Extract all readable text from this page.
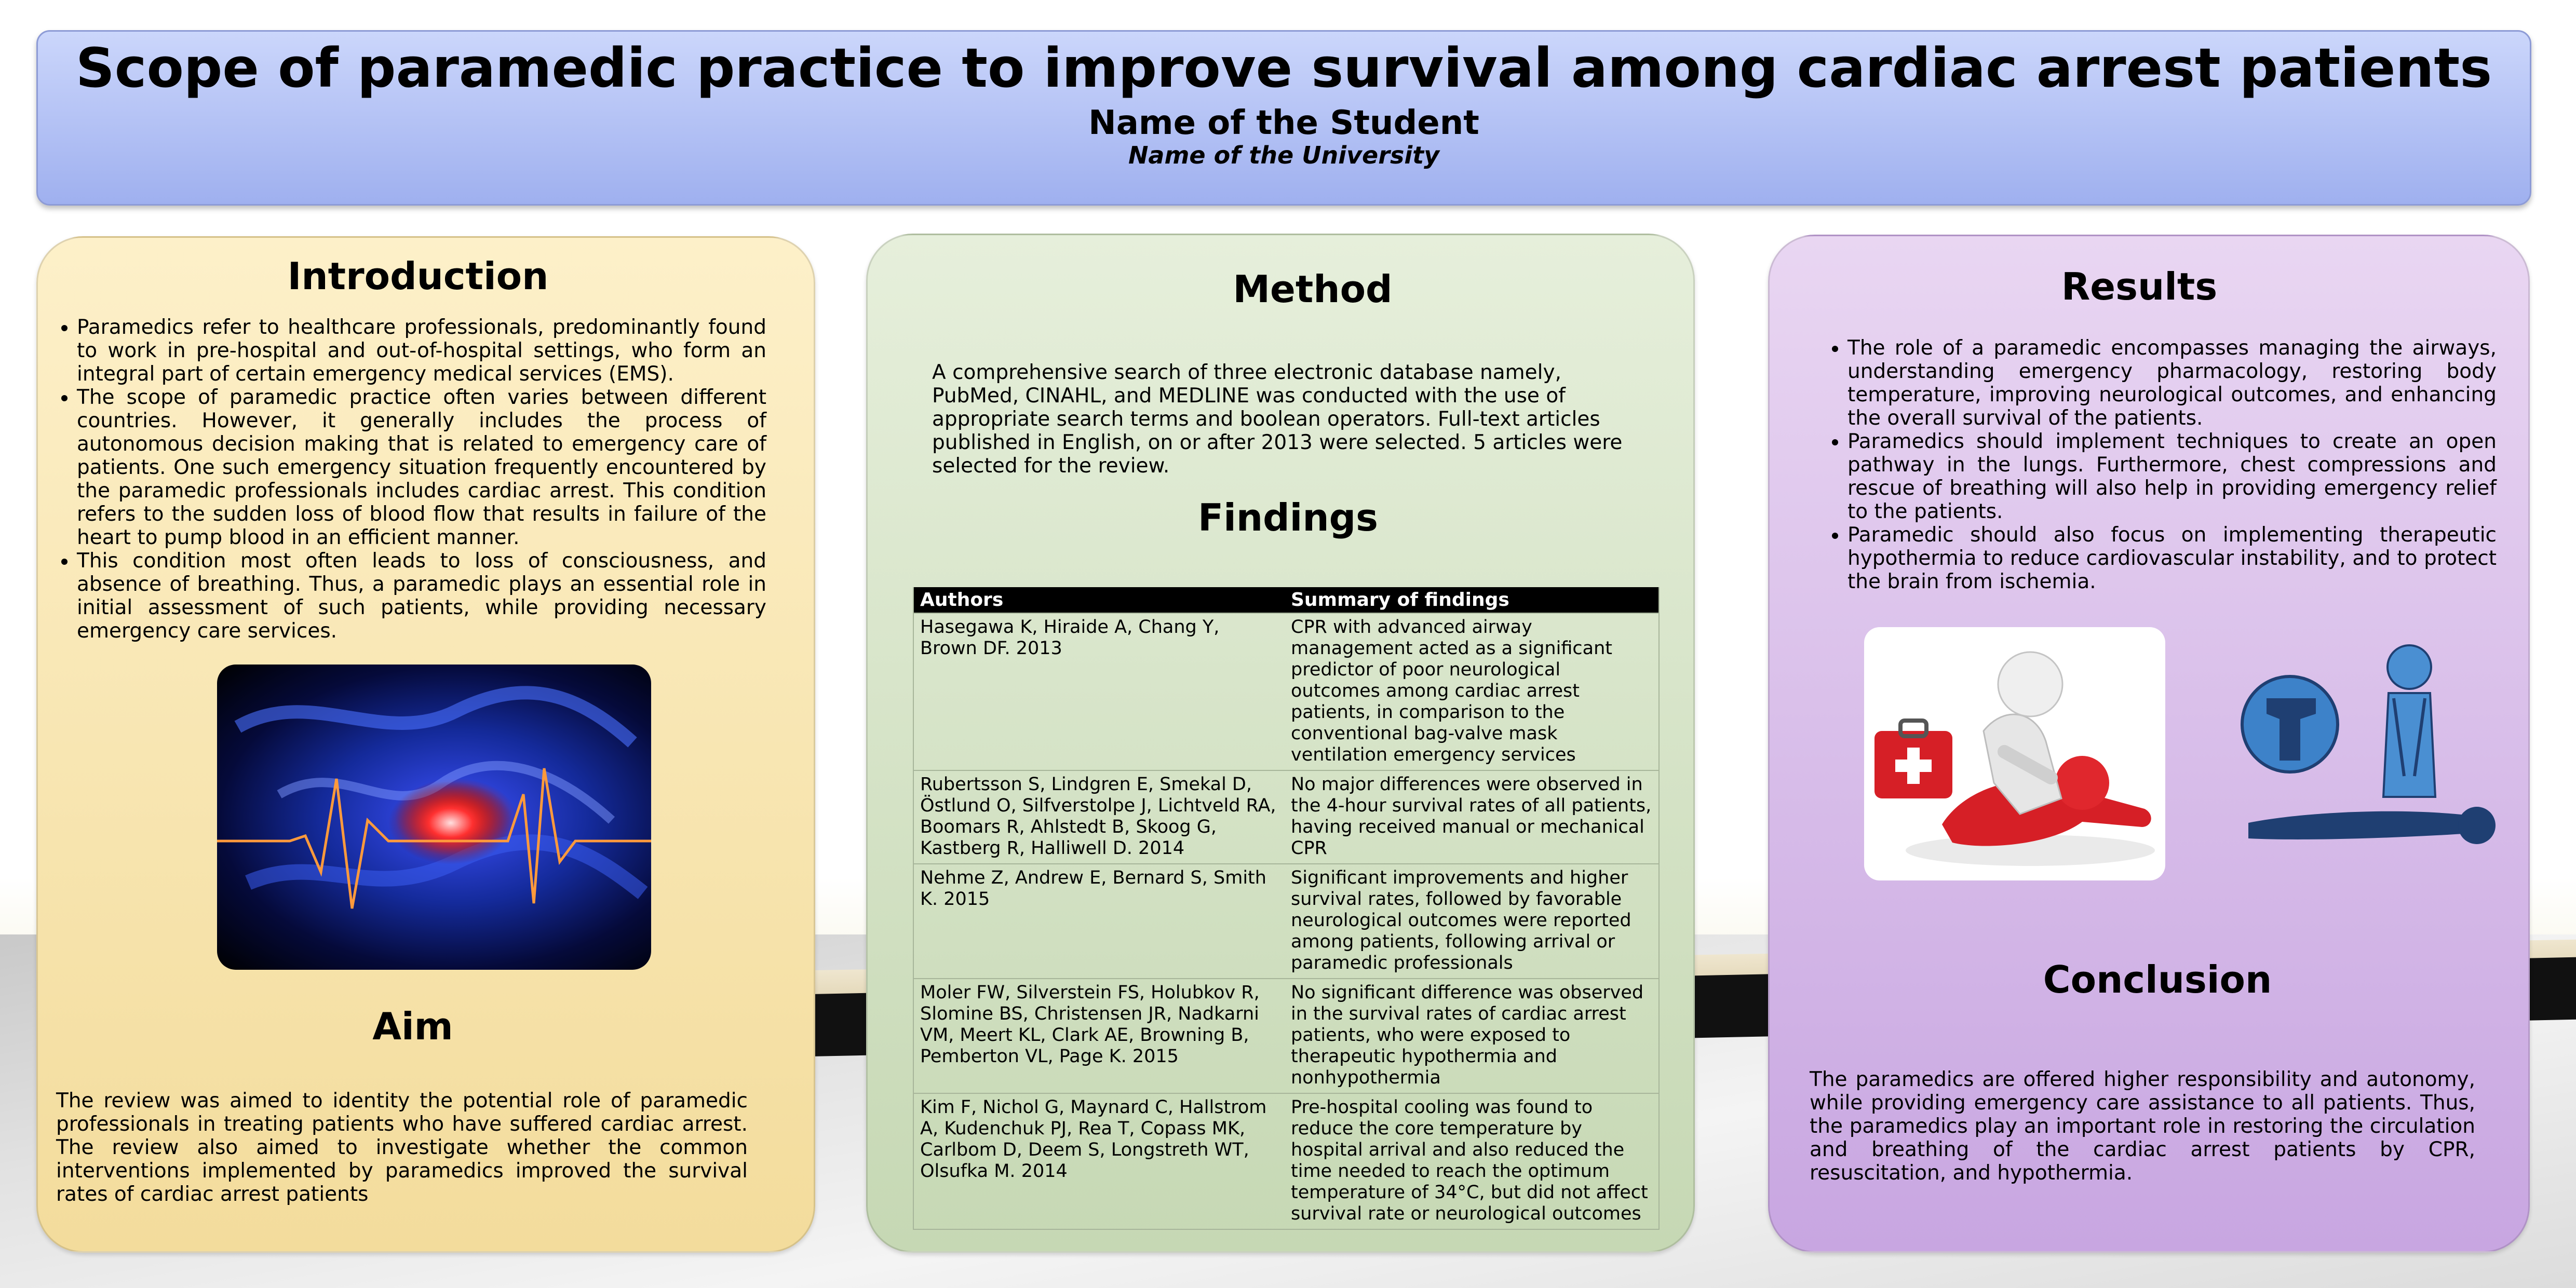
Scope of paramedic practice to improve survival among cardiac arrest patients
Name of the Student
Name of the University
Introduction
• Paramedics refer to healthcare professionals, predominantly found to work in pre-hospital and out-of-hospital settings, who form an integral part of certain emergency medical services (EMS).
• The scope of paramedic practice often varies between different countries. However, it generally includes the process of autonomous decision making that is related to emergency care of patients. One such emergency situation frequently encountered by the paramedic professionals includes cardiac arrest. This condition refers to the sudden loss of blood flow that results in failure of the heart to pump blood in an efficient manner.
• This condition most often leads to loss of consciousness, and absence of breathing. Thus, a paramedic plays an essential role in initial assessment of such patients, while providing necessary emergency care services.
Aim
The review was aimed to identity the potential role of paramedic professionals in treating patients who have suffered cardiac arrest. The review also aimed to investigate whether the common interventions implemented by paramedics improved the survival rates of cardiac arrest patients
Method
A comprehensive search of three electronic database namely, PubMed, CINAHL, and MEDLINE was conducted with the use of appropriate search terms and boolean operators. Full-text articles published in English, on or after 2013 were selected. 5 articles were selected for the review.
Findings
Authors	Summary of findings
Hasegawa K, Hiraide A, Chang Y, Brown DF. 2013	CPR with advanced airway management acted as a significant predictor of poor neurological outcomes among cardiac arrest patients, in comparison to the conventional bag-valve mask ventilation emergency services
Rubertsson S, Lindgren E, Smekal D, Östlund O, Silfverstolpe J, Lichtveld RA, Boomars R, Ahlstedt B, Skoog G, Kastberg R, Halliwell D. 2014	No major differences were observed in the 4-hour survival rates of all patients, having received manual or mechanical CPR
Nehme Z, Andrew E, Bernard S, Smith K. 2015	Significant improvements and higher survival rates, followed by favorable neurological outcomes were reported among patients, following arrival or paramedic professionals
Moler FW, Silverstein FS, Holubkov R, Slomine BS, Christensen JR, Nadkarni VM, Meert KL, Clark AE, Browning B, Pemberton VL, Page K. 2015	No significant difference was observed in the survival rates of cardiac arrest patients, who were exposed to therapeutic hypothermia and nonhypothermia
Kim F, Nichol G, Maynard C, Hallstrom A, Kudenchuk PJ, Rea T, Copass MK, Carlbom D, Deem S, Longstreth WT, Olsufka M. 2014	Pre-hospital cooling was found to reduce the core temperature by hospital arrival and also reduced the time needed to reach the optimum temperature of 34°C, but did not affect survival rate or neurological outcomes
Results
• The role of a paramedic encompasses managing the airways, understanding emergency pharmacology, restoring body temperature, improving neurological outcomes, and enhancing the overall survival of the patients.
• Paramedics should implement techniques to create an open pathway in the lungs. Furthermore, chest compressions and rescue of breathing will also help in providing emergency relief to the patients.
• Paramedic should also focus on implementing therapeutic hypothermia to reduce cardiovascular instability, and to protect the brain from ischemia.
Conclusion
The paramedics are offered higher responsibility and autonomy, while providing emergency care assistance to all patients. Thus, the paramedics play an important role in restoring the circulation and breathing of the cardiac arrest patients by CPR, resuscitation, and hypothermia.
